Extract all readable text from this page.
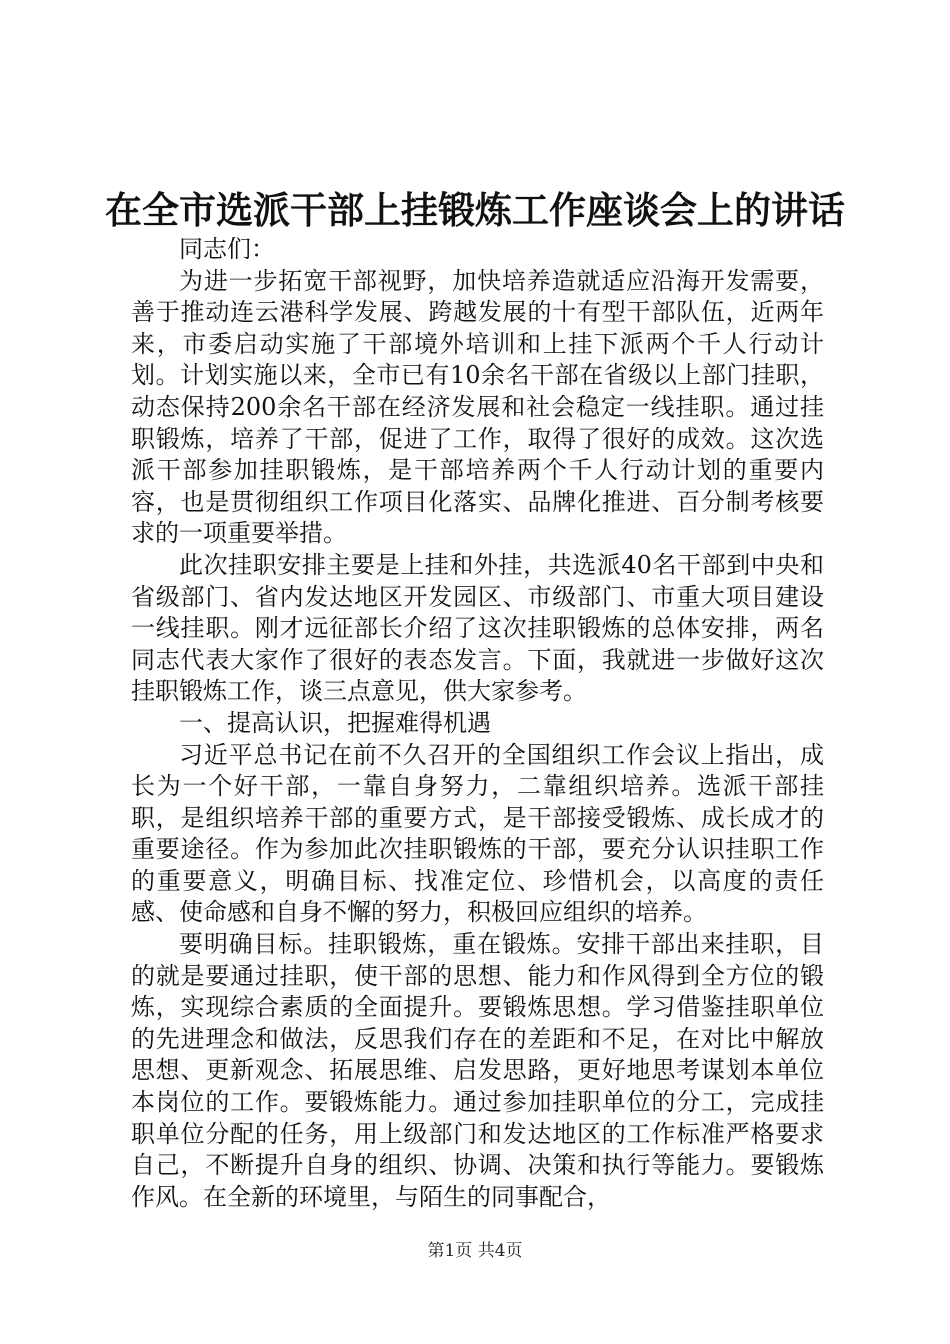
在全市选派干部上挂锻炼工作座谈会上的讲话

同志们：

为进一步拓宽干部视野，加快培养造就适应沿海开发需要，善于推动连云港科学发展、跨越发展的十有型干部队伍，近两年来，市委启动实施了干部境外培训和上挂下派两个千人行动计划。计划实施以来，全市已有10余名干部在省级以上部门挂职，动态保持200余名干部在经济发展和社会稳定一线挂职。通过挂职锻炼，培养了干部，促进了工作，取得了很好的成效。这次选派干部参加挂职锻炼，是干部培养两个千人行动计划的重要内容，也是贯彻组织工作项目化落实、品牌化推进、百分制考核要求的一项重要举措。

此次挂职安排主要是上挂和外挂，共选派40名干部到中央和省级部门、省内发达地区开发园区、市级部门、市重大项目建设一线挂职。刚才远征部长介绍了这次挂职锻炼的总体安排，两名同志代表大家作了很好的表态发言。下面，我就进一步做好这次挂职锻炼工作，谈三点意见，供大家参考。

一、提高认识，把握难得机遇

习近平总书记在前不久召开的全国组织工作会议上指出，成长为一个好干部，一靠自身努力，二靠组织培养。选派干部挂职，是组织培养干部的重要方式，是干部接受锻炼、成长成才的重要途径。作为参加此次挂职锻炼的干部，要充分认识挂职工作的重要意义，明确目标、找准定位、珍惜机会，以高度的责任感、使命感和自身不懈的努力，积极回应组织的培养。

要明确目标。挂职锻炼，重在锻炼。安排干部出来挂职，目的就是要通过挂职，使干部的思想、能力和作风得到全方位的锻炼，实现综合素质的全面提升。要锻炼思想。学习借鉴挂职单位的先进理念和做法，反思我们存在的差距和不足，在对比中解放思想、更新观念、拓展思维、启发思路，更好地思考谋划本单位本岗位的工作。要锻炼能力。通过参加挂职单位的分工，完成挂职单位分配的任务，用上级部门和发达地区的工作标准严格要求自己，不断提升自身的组织、协调、决策和执行等能力。要锻炼作风。在全新的环境里，与陌生的同事配合，

第1页 共4页
